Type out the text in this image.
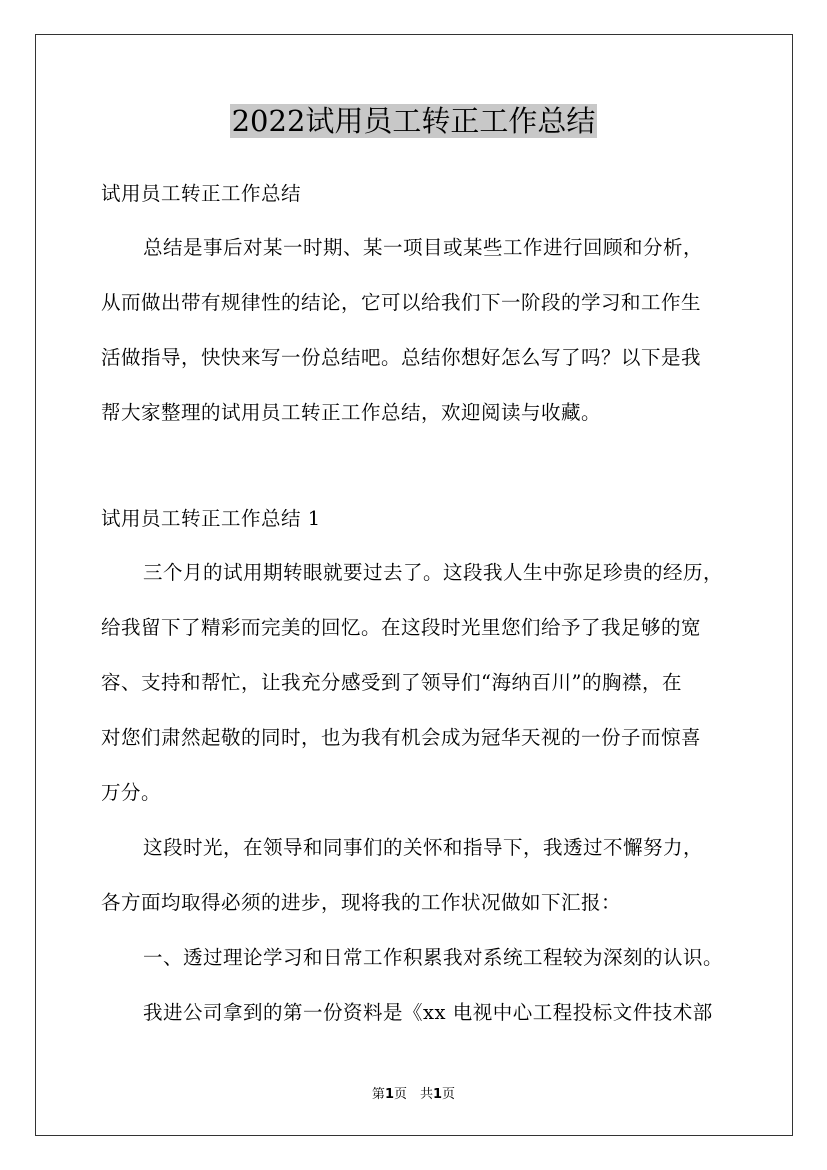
2022试用员工转正工作总结
试用员工转正工作总结
总结是事后对某一时期、某一项目或某些工作进行回顾和分析，
从而做出带有规律性的结论，它可以给我们下一阶段的学习和工作生
活做指导，快快来写一份总结吧。总结你想好怎么写了吗？以下是我
帮大家整理的试用员工转正工作总结，欢迎阅读与收藏。
试用员工转正工作总结 1
三个月的试用期转眼就要过去了。这段我人生中弥足珍贵的经历，
给我留下了精彩而完美的回忆。在这段时光里您们给予了我足够的宽
容、支持和帮忙，让我充分感受到了领导们“海纳百川”的胸襟，在
对您们肃然起敬的同时，也为我有机会成为冠华天视的一份子而惊喜
万分。
这段时光，在领导和同事们的关怀和指导下，我透过不懈努力，
各方面均取得必须的进步，现将我的工作状况做如下汇报：
一、透过理论学习和日常工作积累我对系统工程较为深刻的认识。
我进公司拿到的第一份资料是《xx 电视中心工程投标文件技术部
第1页　共1页
